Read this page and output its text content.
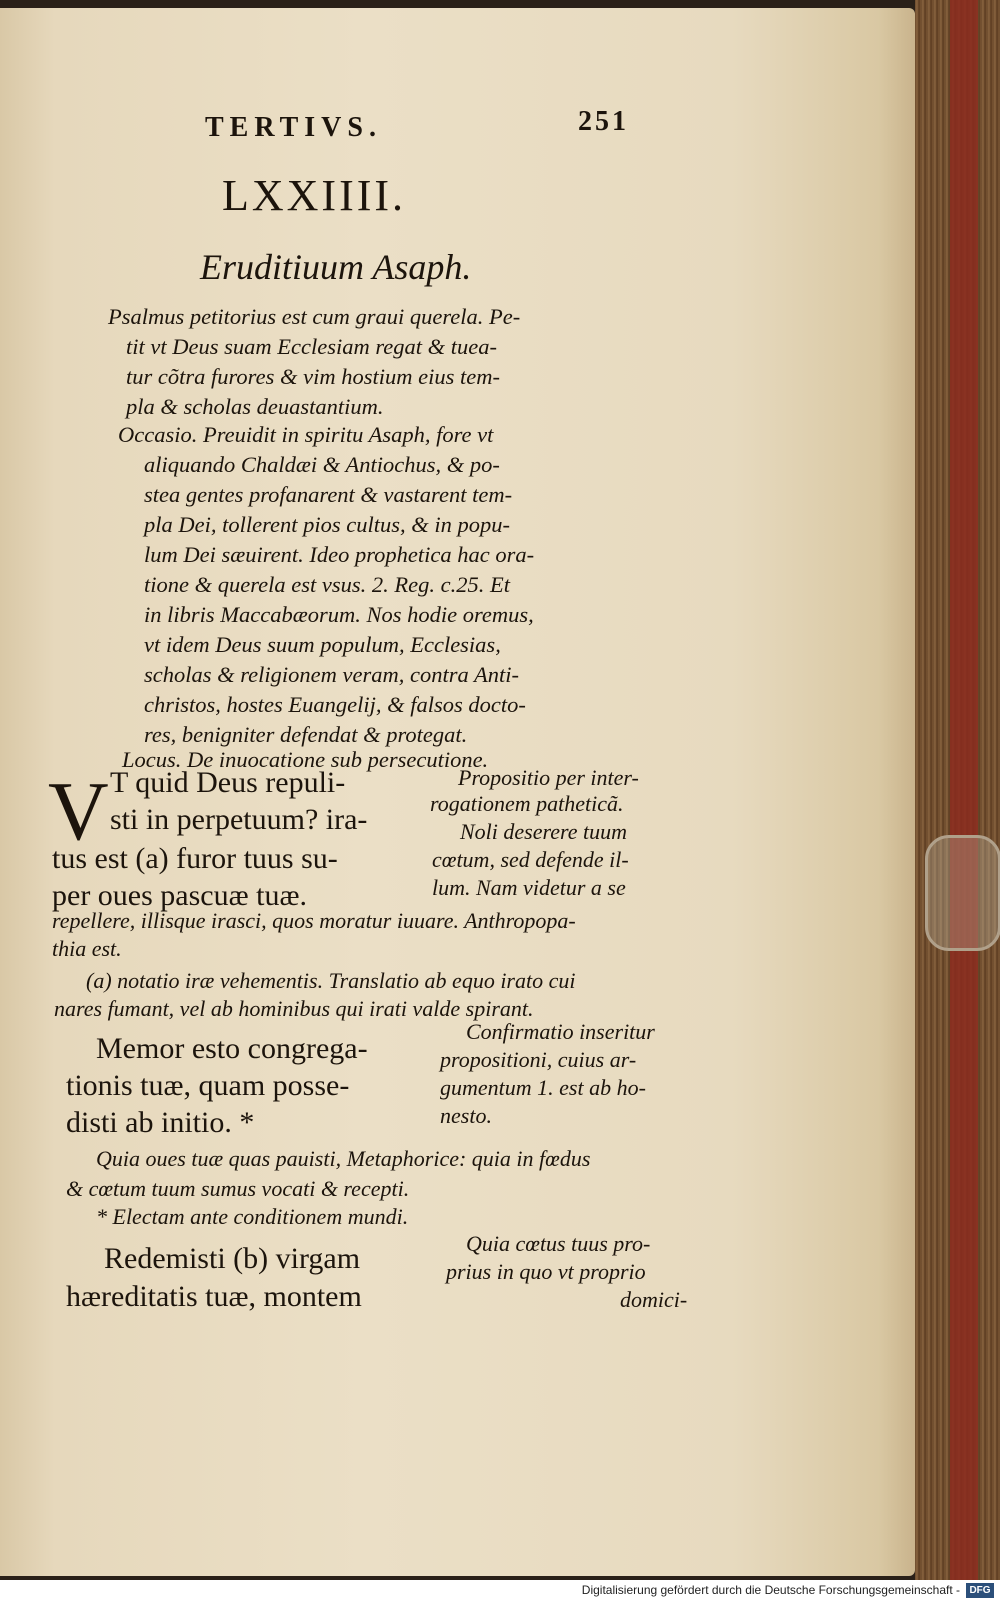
TERTIVS.	251
LXXIIII.
Eruditiuum Asaph.
Psalmus petitorius est cum graui querela. Pe-
tit vt Deus suam Ecclesiam regat & tuea-
tur cõtra furores & vim hostium eius tem-
pla & scholas deuastantium.
Occasio. Preuidit in spiritu Asaph, fore vt
aliquando Chaldæi & Antiochus, & po-
stea gentes profanarent & vastarent tem-
pla Dei, tollerent pios cultus, & in popu-
lum Dei sæuirent. Ideo prophetica hac ora-
tione & querela est vsus. 2. Reg. c.25. Et
in libris Maccabæorum. Nos hodie oremus,
vt idem Deus suum populum, Ecclesias,
scholas & religionem veram, contra Anti-
christos, hostes Euangelij, & falsos docto-
res, benigniter defendat & protegat.
Locus. De inuocatione sub persecutione.
V T quid Deus repuli-
sti in perpetuum? ira-
tus est (a) furor tuus su-
per oues pascuæ tuæ.
Propositio per inter-
rogationem patheticã.
Noli deserere tuum
cœtum, sed defende il-
lum. Nam videtur a se
repellere, illisque irasci, quos moratur iuuare. Anthropopa-
thia est.
(a) notatio iræ vehementis. Translatio ab equo irato cui
nares fumant, vel ab hominibus qui irati valde spirant.
Memor esto congrega-
tionis tuæ, quam posse-
disti ab initio. *
Confirmatio inseritur
propositioni, cuius ar-
gumentum 1. est ab ho-
nesto.
Quia oues tuæ quas pauisti, Metaphorice: quia in fœdus
& cœtum tuum sumus vocati & recepti.
* Electam ante conditionem mundi.
Redemisti (b) virgam
hæreditatis tuæ, montem
Quia cœtus tuus pro-
prius in quo vt proprio
domici-
Digitalisierung gefördert durch die Deutsche Forschungsgemeinschaft - DFG
